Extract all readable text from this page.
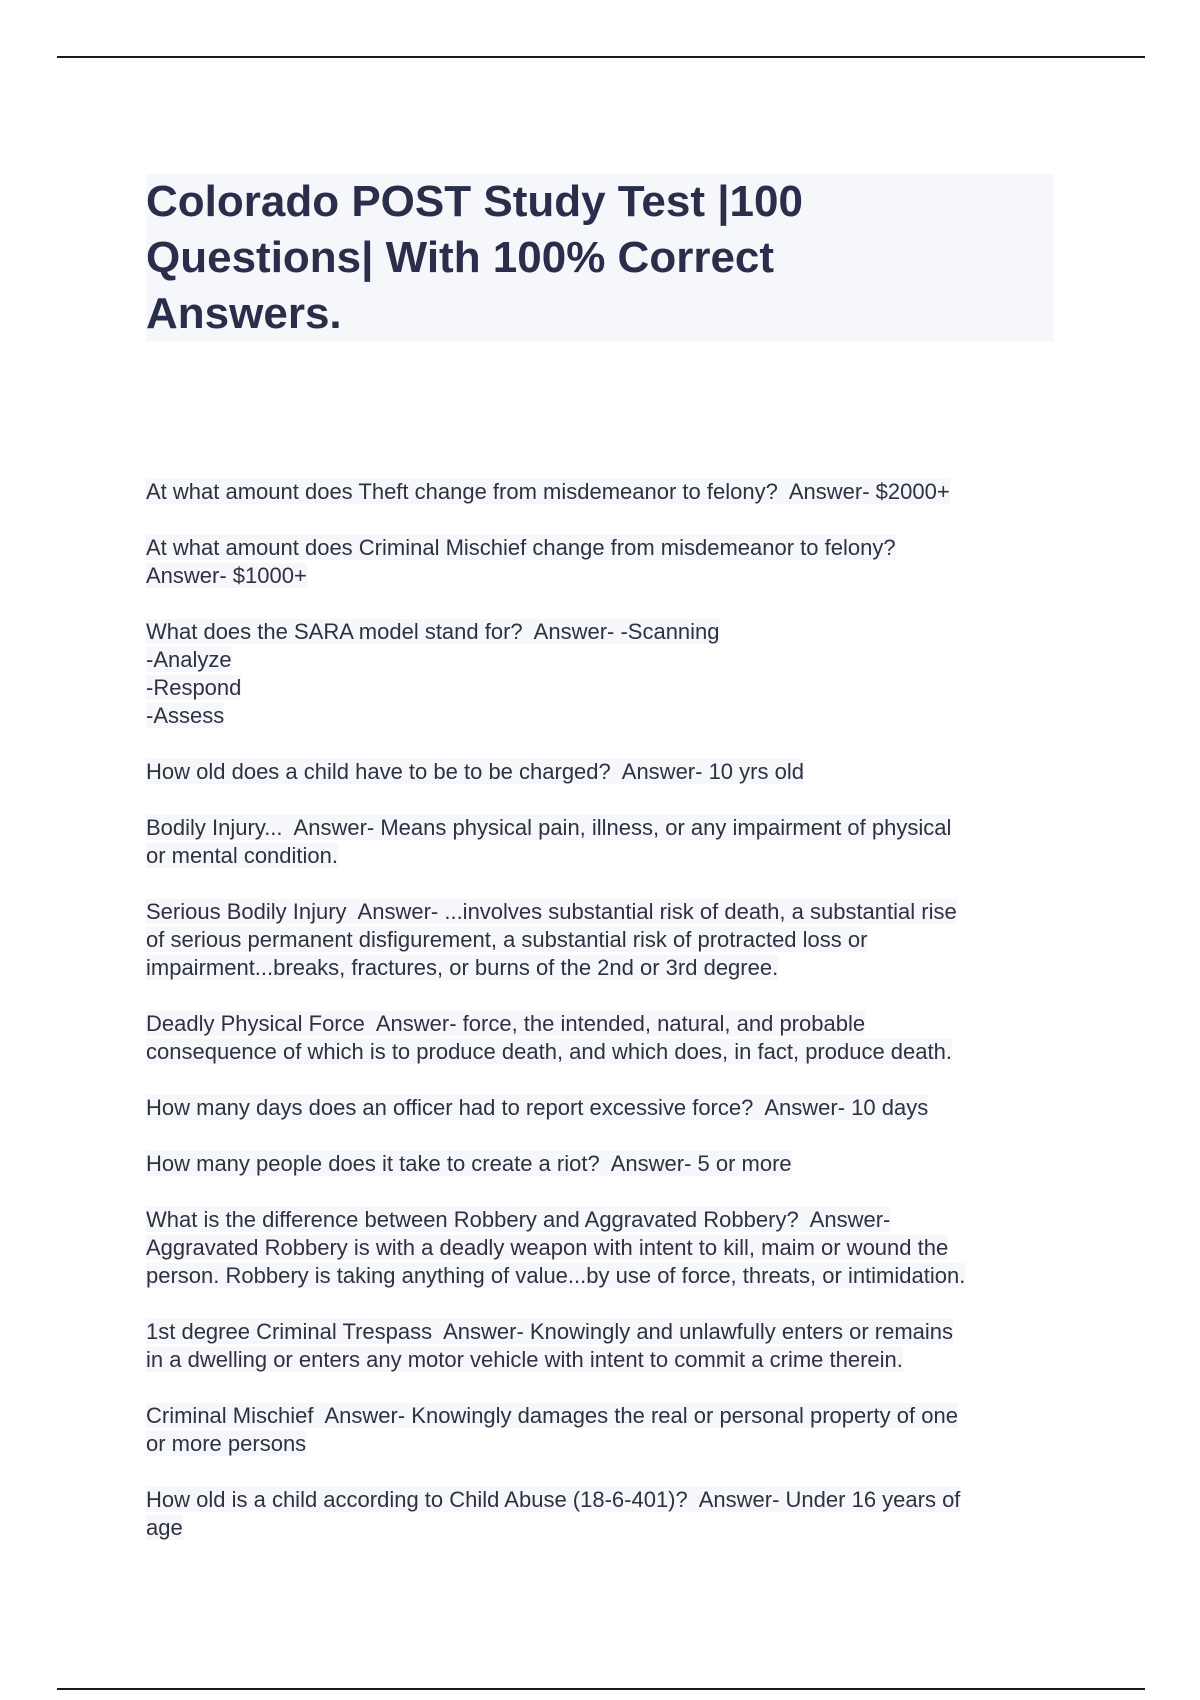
Colorado POST Study Test |100
Questions| With 100% Correct
Answers.

At what amount does Theft change from misdemeanor to felony?  Answer- $2000+

At what amount does Criminal Mischief change from misdemeanor to felony?
Answer- $1000+

What does the SARA model stand for?  Answer- -Scanning
-Analyze
-Respond
-Assess

How old does a child have to be to be charged?  Answer- 10 yrs old

Bodily Injury...  Answer- Means physical pain, illness, or any impairment of physical
or mental condition.

Serious Bodily Injury  Answer- ...involves substantial risk of death, a substantial rise
of serious permanent disfigurement, a substantial risk of protracted loss or
impairment...breaks, fractures, or burns of the 2nd or 3rd degree.

Deadly Physical Force  Answer- force, the intended, natural, and probable
consequence of which is to produce death, and which does, in fact, produce death.

How many days does an officer had to report excessive force?  Answer- 10 days

How many people does it take to create a riot?  Answer- 5 or more

What is the difference between Robbery and Aggravated Robbery?  Answer-
Aggravated Robbery is with a deadly weapon with intent to kill, maim or wound the
person. Robbery is taking anything of value...by use of force, threats, or intimidation.

1st degree Criminal Trespass  Answer- Knowingly and unlawfully enters or remains
in a dwelling or enters any motor vehicle with intent to commit a crime therein.

Criminal Mischief  Answer- Knowingly damages the real or personal property of one
or more persons

How old is a child according to Child Abuse (18-6-401)?  Answer- Under 16 years of
age
